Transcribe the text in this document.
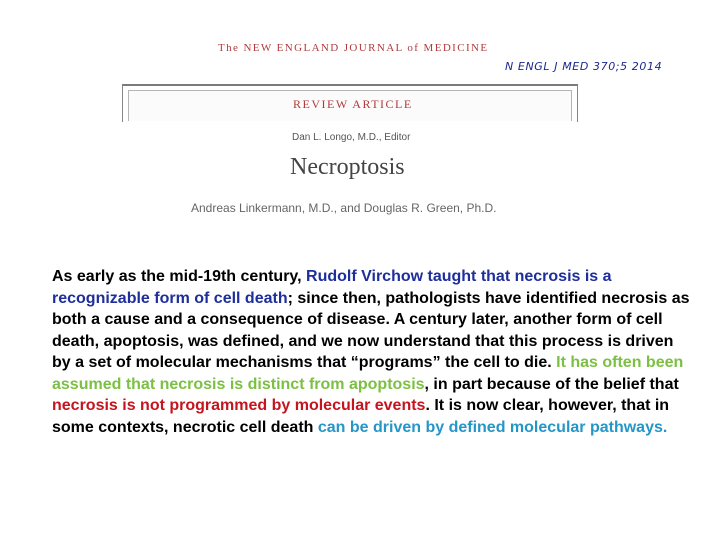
The NEW ENGLAND JOURNAL of MEDICINE
N ENGL J MED 370;5 2014
REVIEW ARTICLE
Dan L. Longo, M.D., Editor
Necroptosis
Andreas Linkermann, M.D., and Douglas R. Green, Ph.D.

As early as the mid-19th century, Rudolf Virchow taught that necrosis is a recognizable form of cell death; since then, pathologists have identified necrosis as both a cause and a consequence of disease. A century later, another form of cell death, apoptosis, was defined, and we now understand that this process is driven by a set of molecular mechanisms that “programs” the cell to die. It has often been assumed that necrosis is distinct from apoptosis, in part because of the belief that necrosis is not programmed by molecular events. It is now clear, however, that in some contexts, necrotic cell death can be driven by defined molecular pathways.
